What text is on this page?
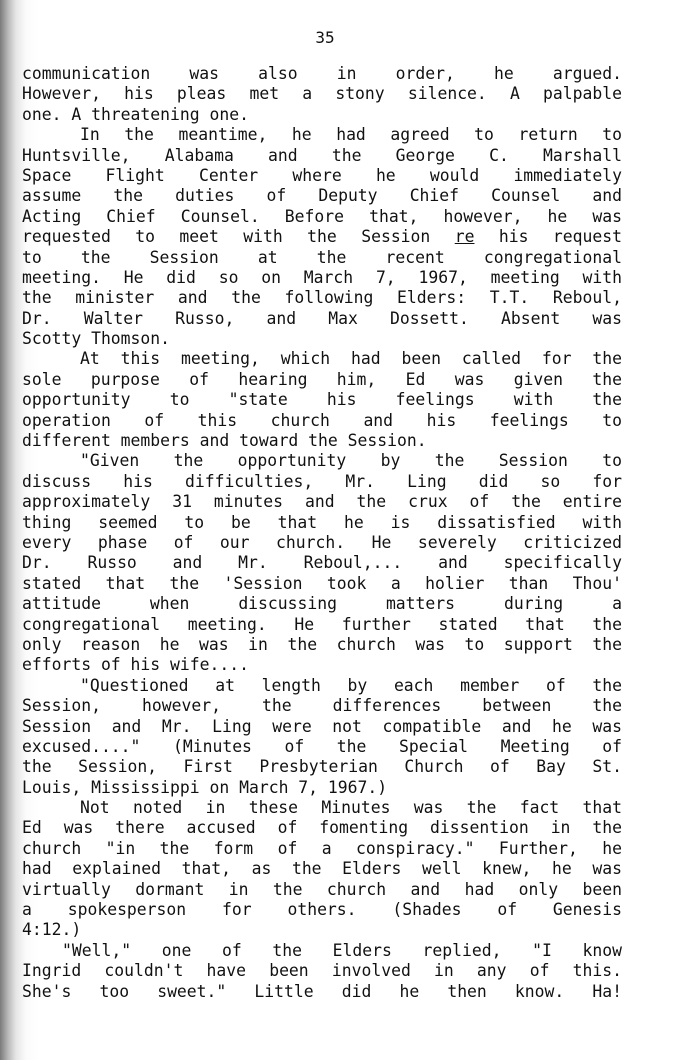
35
communication was also in order, he argued.
However, his pleas met a stony silence. A palpable
one. A threatening one.
In the meantime, he had agreed to return to
Huntsville, Alabama and the George C. Marshall
Space Flight Center where he would immediately
assume the duties of Deputy Chief Counsel and
Acting Chief Counsel. Before that, however, he was
requested to meet with the Session re his request
to the Session at the recent congregational
meeting. He did so on March 7, 1967, meeting with
the minister and the following Elders: T.T. Reboul,
Dr. Walter Russo, and Max Dossett. Absent was
Scotty Thomson.
At this meeting, which had been called for the
sole purpose of hearing him, Ed was given the
opportunity to "state his feelings with the
operation of this church and his feelings to
different members and toward the Session.
"Given the opportunity by the Session to
discuss his difficulties, Mr. Ling did so for
approximately 31 minutes and the crux of the entire
thing seemed to be that he is dissatisfied with
every phase of our church. He severely criticized
Dr. Russo and Mr. Reboul,... and specifically
stated that the 'Session took a holier than Thou'
attitude when discussing matters during a
congregational meeting. He further stated that the
only reason he was in the church was to support the
efforts of his wife....
"Questioned at length by each member of the
Session, however, the differences between the
Session and Mr. Ling were not compatible and he was
excused...." (Minutes of the Special Meeting of
the Session, First Presbyterian Church of Bay St.
Louis, Mississippi on March 7, 1967.)
Not noted in these Minutes was the fact that
Ed was there accused of fomenting dissention in the
church "in the form of a conspiracy." Further, he
had explained that, as the Elders well knew, he was
virtually dormant in the church and had only been
a spokesperson for others. (Shades of Genesis
4:12.)
"Well," one of the Elders replied, "I know
Ingrid couldn't have been involved in any of this.
She's too sweet." Little did he then know. Ha!
